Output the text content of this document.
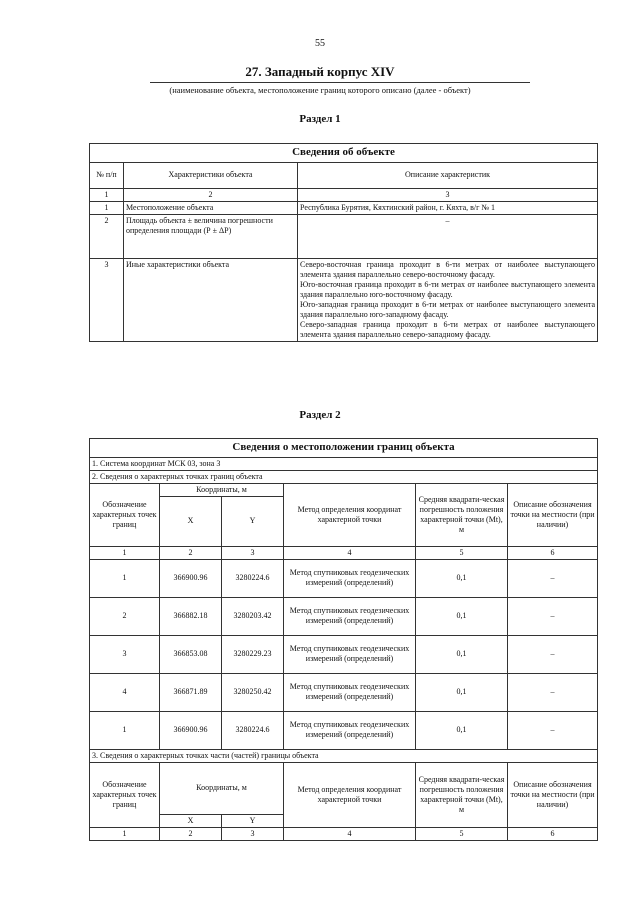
55
27. Западный корпус XIV
(наименование объекта, местоположение границ которого описано (далее - объект)
Раздел 1
Сведения об объекте		
№ п/п	Характеристики объекта	Описание характеристик
1	2	3
1	Местоположение объекта	Республика Бурятия, Кяхтинский район, г. Кяхта, в/г № 1
2	Площадь объекта ± величина погрешности определения площади (Р ± ΔР)	–
3	Иные характеристики объекта	Северо-восточная граница проходит в 6-ти метрах от наиболее выступающего элемента здания параллельно северо-восточному фасаду.
Юго-восточная граница проходит в 6-ти метрах от наиболее выступающего элемента здания параллельно юго-восточному фасаду.
Юго-западная граница проходит в 6-ти метрах от наиболее выступающего элемента здания параллельно юго-западному фасаду.
Северо-западная граница проходит в 6-ти метрах от наиболее выступающего элемента здания параллельно северо-западному фасаду.
Раздел 2
Сведения о местоположении границ объекта					
1. Система координат МСК 03, зона 3					
2. Сведения о характерных точках границ объекта					
Обозначение характерных точек границ	Координаты, м		Метод определения координат характерной точки	Средняя квадрати-ческая погрешность положения характерной точки (Мt), м	Описание обозначения точки на местности (при наличии)
	X	Y			
1	2	3	4	5	6
1	366900.96	3280224.6	Метод спутниковых геодезических измерений (определений)	0,1	–
2	366882.18	3280203.42	Метод спутниковых геодезических измерений (определений)	0,1	–
3	366853.08	3280229.23	Метод спутниковых геодезических измерений (определений)	0,1	–
4	366871.89	3280250.42	Метод спутниковых геодезических измерений (определений)	0,1	–
1	366900.96	3280224.6	Метод спутниковых геодезических измерений (определений)	0,1	–
3. Сведения о характерных точках части (частей) границы объекта					
Обозначение характерных точек границ	Координаты, м		Метод определения координат характерной точки	Средняя квадрати-ческая погрешность положения характерной точки (Мt), м	Описание обозначения точки на местности (при наличии)
	X	Y			
1	2	3	4	5	6
